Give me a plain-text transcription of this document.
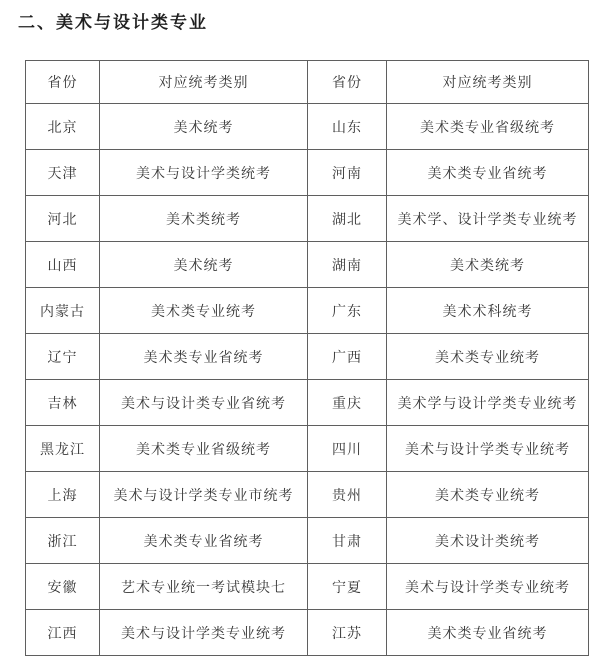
二、美术与设计类专业
省份	对应统考类别	省份	对应统考类别
北京	美术统考	山东	美术类专业省级统考
天津	美术与设计学类统考	河南	美术类专业省统考
河北	美术类统考	湖北	美术学、设计学类专业统考
山西	美术统考	湖南	美术类统考
内蒙古	美术类专业统考	广东	美术术科统考
辽宁	美术类专业省统考	广西	美术类专业统考
吉林	美术与设计类专业省统考	重庆	美术学与设计学类专业统考
黑龙江	美术类专业省级统考	四川	美术与设计学类专业统考
上海	美术与设计学类专业市统考	贵州	美术类专业统考
浙江	美术类专业省统考	甘肃	美术设计类统考
安徽	艺术专业统一考试模块七	宁夏	美术与设计学类专业统考
江西	美术与设计学类专业统考	江苏	美术类专业省统考
